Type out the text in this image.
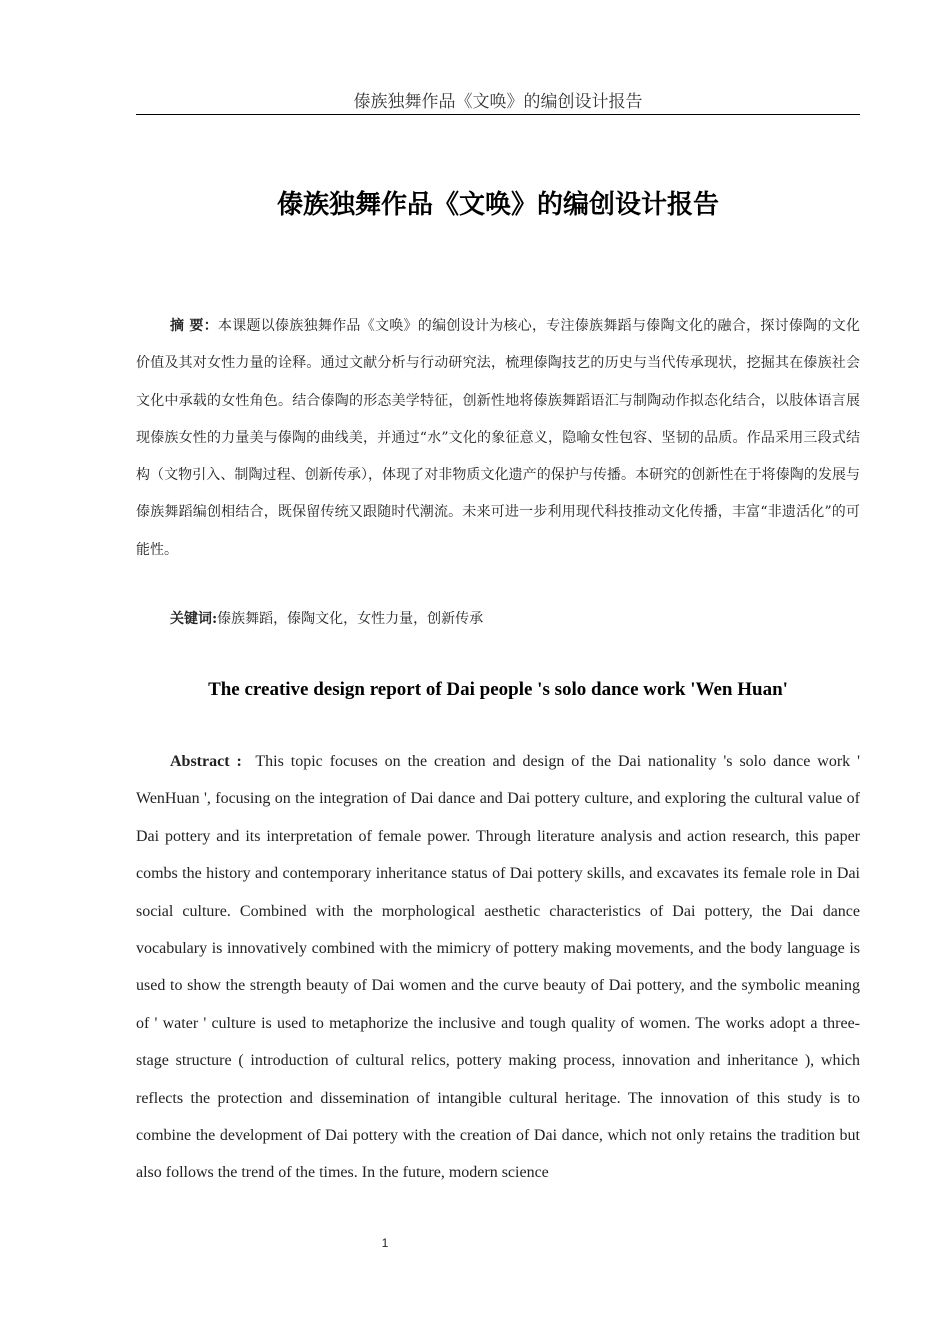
傣族独舞作品《文唤》的编创设计报告
傣族独舞作品《文唤》的编创设计报告
摘 要：本课题以傣族独舞作品《文唤》的编创设计为核心，专注傣族舞蹈与傣陶文化的融合，探讨傣陶的文化价值及其对女性力量的诠释。通过文献分析与行动研究法，梳理傣陶技艺的历史与当代传承现状，挖掘其在傣族社会文化中承载的女性角色。结合傣陶的形态美学特征，创新性地将傣族舞蹈语汇与制陶动作拟态化结合，以肢体语言展现傣族女性的力量美与傣陶的曲线美，并通过“水”文化的象征意义，隐喻女性包容、坚韧的品质。作品采用三段式结构（文物引入、制陶过程、创新传承），体现了对非物质文化遗产的保护与传播。本研究的创新性在于将傣陶的发展与傣族舞蹈编创相结合，既保留传统又跟随时代潮流。未来可进一步利用现代科技推动文化传播，丰富“非遗活化”的可能性。
关键词:傣族舞蹈，傣陶文化，女性力量，创新传承
The creative design report of Dai people 's solo dance work 'Wen Huan'
Abstract : This topic focuses on the creation and design of the Dai nationality 's solo dance work ' WenHuan ', focusing on the integration of Dai dance and Dai pottery culture, and exploring the cultural value of Dai pottery and its interpretation of female power. Through literature analysis and action research, this paper combs the history and contemporary inheritance status of Dai pottery skills, and excavates its female role in Dai social culture. Combined with the morphological aesthetic characteristics of Dai pottery, the Dai dance vocabulary is innovatively combined with the mimicry of pottery making movements, and the body language is used to show the strength beauty of Dai women and the curve beauty of Dai pottery, and the symbolic meaning of ' water ' culture is used to metaphorize the inclusive and tough quality of women. The works adopt a three-stage structure ( introduction of cultural relics, pottery making process, innovation and inheritance ), which reflects the protection and dissemination of intangible cultural heritage. The innovation of this study is to combine the development of Dai pottery with the creation of Dai dance, which not only retains the tradition but also follows the trend of the times. In the future, modern science
1
